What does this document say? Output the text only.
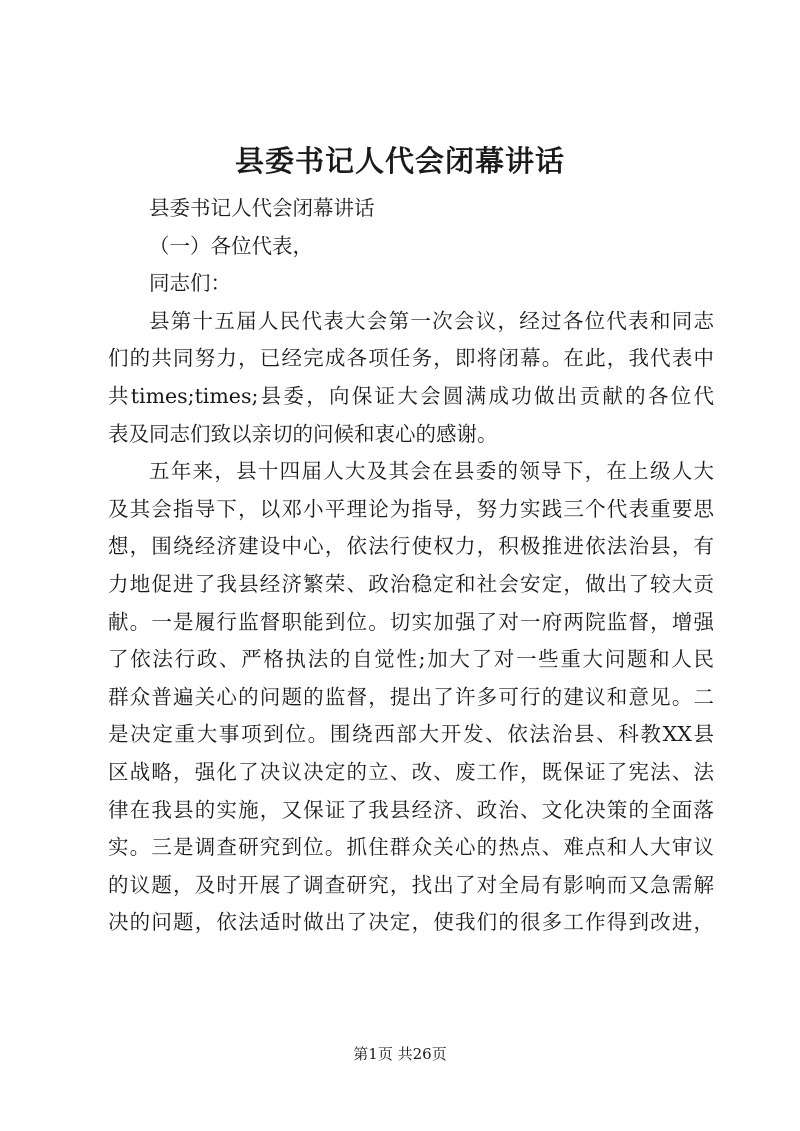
县委书记人代会闭幕讲话

县委书记人代会闭幕讲话

（一）各位代表，

同志们：

县第十五届人民代表大会第一次会议，经过各位代表和同志
们的共同努力，已经完成各项任务，即将闭幕。在此，我代表中
共times;times;县委，向保证大会圆满成功做出贡献的各位代
表及同志们致以亲切的问候和衷心的感谢。
五年来，县十四届人大及其会在县委的领导下，在上级人大
及其会指导下，以邓小平理论为指导，努力实践三个代表重要思
想，围绕经济建设中心，依法行使权力，积极推进依法治县，有
力地促进了我县经济繁荣、政治稳定和社会安定，做出了较大贡
献。一是履行监督职能到位。切实加强了对一府两院监督，增强
了依法行政、严格执法的自觉性;加大了对一些重大问题和人民
群众普遍关心的问题的监督，提出了许多可行的建议和意见。二
是决定重大事项到位。围绕西部大开发、依法治县、科教XX县
区战略，强化了决议决定的立、改、废工作，既保证了宪法、法
律在我县的实施，又保证了我县经济、政治、文化决策的全面落
实。三是调查研究到位。抓住群众关心的热点、难点和人大审议
的议题，及时开展了调查研究，找出了对全局有影响而又急需解
决的问题，依法适时做出了决定，使我们的很多工作得到改进，
第1页 共26页
